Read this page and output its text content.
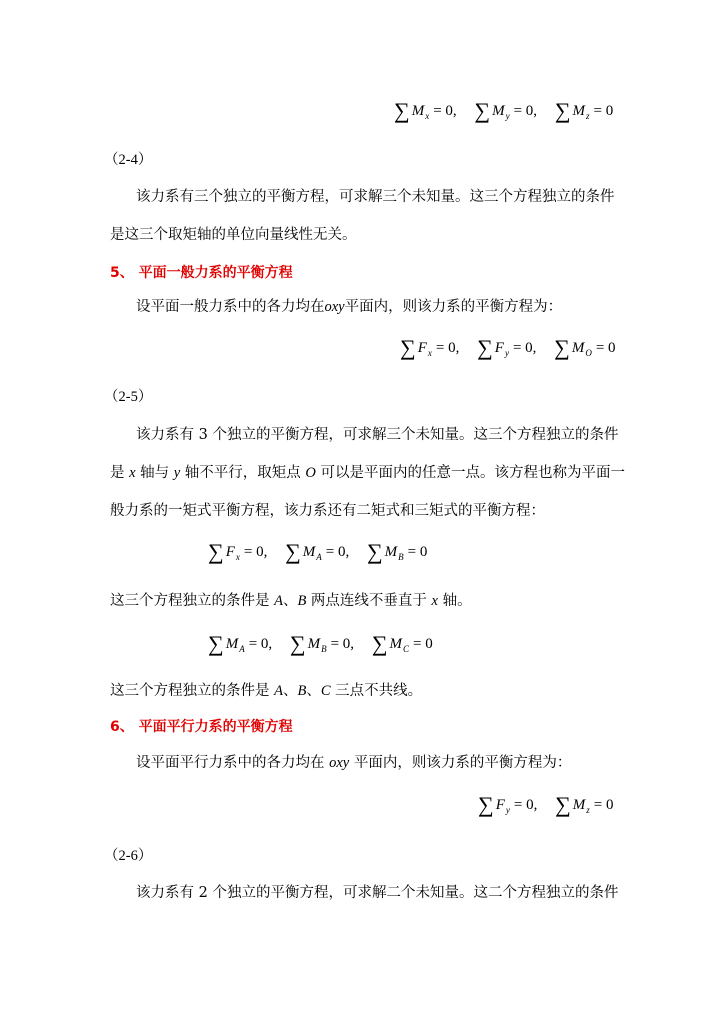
∑ $M_x = 0$, ∑ $M_y = 0$, ∑ $M_z = 0$
（2-4）
该力系有三个独立的平衡方程，可求解三个未知量。这三个方程独立的条件
是这三个取矩轴的单位向量线性无关。
5、 平面一般力系的平衡方程
设平面一般力系中的各力均在oxy平面内，则该力系的平衡方程为：
∑ $F_x = 0$, ∑ $F_y = 0$, ∑ $M_O = 0$
（2-5）
该力系有 3 个独立的平衡方程，可求解三个未知量。这三个方程独立的条件
是 x 轴与 y 轴不平行，取矩点 O 可以是平面内的任意一点。该方程也称为平面一
般力系的一矩式平衡方程，该力系还有二矩式和三矩式的平衡方程：
∑ $F_x = 0$, ∑ $M_A = 0$, ∑ $M_B = 0$
这三个方程独立的条件是 A、B 两点连线不垂直于 x 轴。
∑ $M_A = 0$, ∑ $M_B = 0$, ∑ $M_C = 0$
这三个方程独立的条件是 A、B、C 三点不共线。
6、 平面平行力系的平衡方程
设平面平行力系中的各力均在 oxy 平面内，则该力系的平衡方程为：
∑ $F_y = 0$, ∑ $M_z = 0$
（2-6）
该力系有 2 个独立的平衡方程，可求解二个未知量。这二个方程独立的条件
